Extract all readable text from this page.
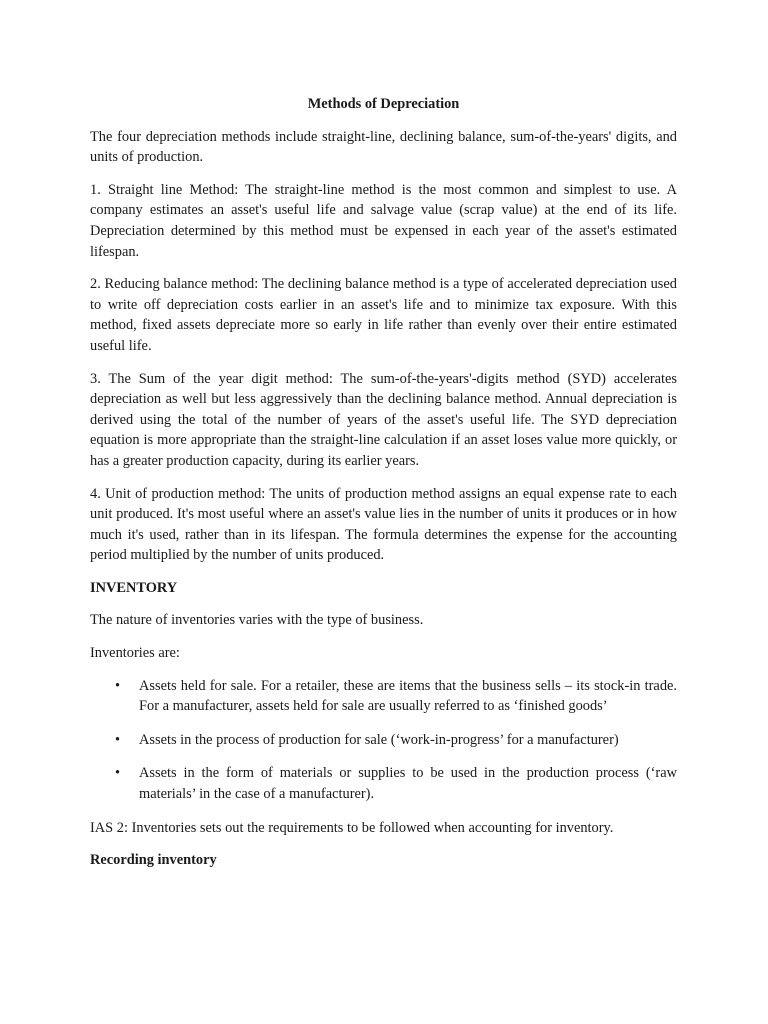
Methods of Depreciation

The four depreciation methods include straight-line, declining balance, sum-of-the-years' digits, and units of production.

1. Straight line Method: The straight-line method is the most common and simplest to use. A company estimates an asset's useful life and salvage value (scrap value) at the end of its life. Depreciation determined by this method must be expensed in each year of the asset's estimated lifespan.

2. Reducing balance method: The declining balance method is a type of accelerated depreciation used to write off depreciation costs earlier in an asset's life and to minimize tax exposure. With this method, fixed assets depreciate more so early in life rather than evenly over their entire estimated useful life.

3. The Sum of the year digit method: The sum-of-the-years'-digits method (SYD) accelerates depreciation as well but less aggressively than the declining balance method. Annual depreciation is derived using the total of the number of years of the asset's useful life. The SYD depreciation equation is more appropriate than the straight-line calculation if an asset loses value more quickly, or has a greater production capacity, during its earlier years.

4. Unit of production method: The units of production method assigns an equal expense rate to each unit produced. It's most useful where an asset's value lies in the number of units it produces or in how much it's used, rather than in its lifespan. The formula determines the expense for the accounting period multiplied by the number of units produced.

INVENTORY

The nature of inventories varies with the type of business.

Inventories are:

• Assets held for sale. For a retailer, these are items that the business sells – its stock-in trade. For a manufacturer, assets held for sale are usually referred to as ‘finished goods’
• Assets in the process of production for sale (‘work-in-progress’ for a manufacturer)
• Assets in the form of materials or supplies to be used in the production process (‘raw materials’ in the case of a manufacturer).

IAS 2: Inventories sets out the requirements to be followed when accounting for inventory.

Recording inventory
